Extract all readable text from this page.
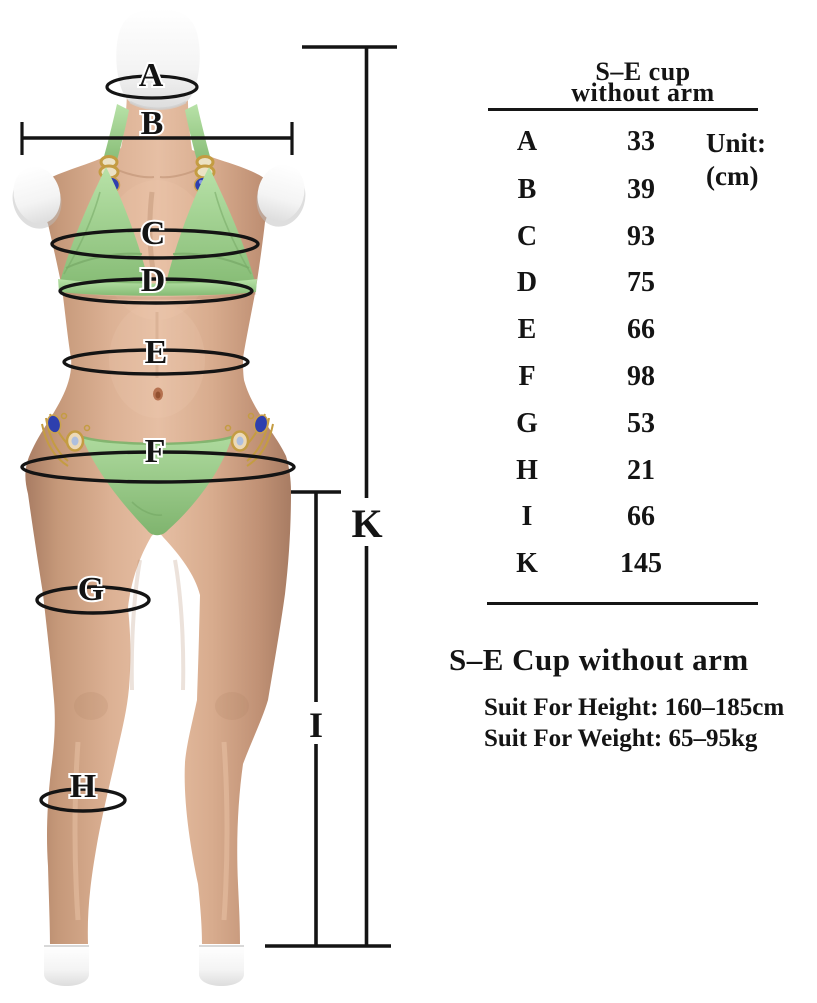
A
B
C
D
E
F
G
H
I
K
S–E cup
without arm
A	33
B	39
C	93
D	75
E	66
F	98
G	53
H	21
I	66
K	145
Unit:
(cm)
S–E Cup without arm
Suit For Height: 160–185cm
Suit For Weight: 65–95kg
